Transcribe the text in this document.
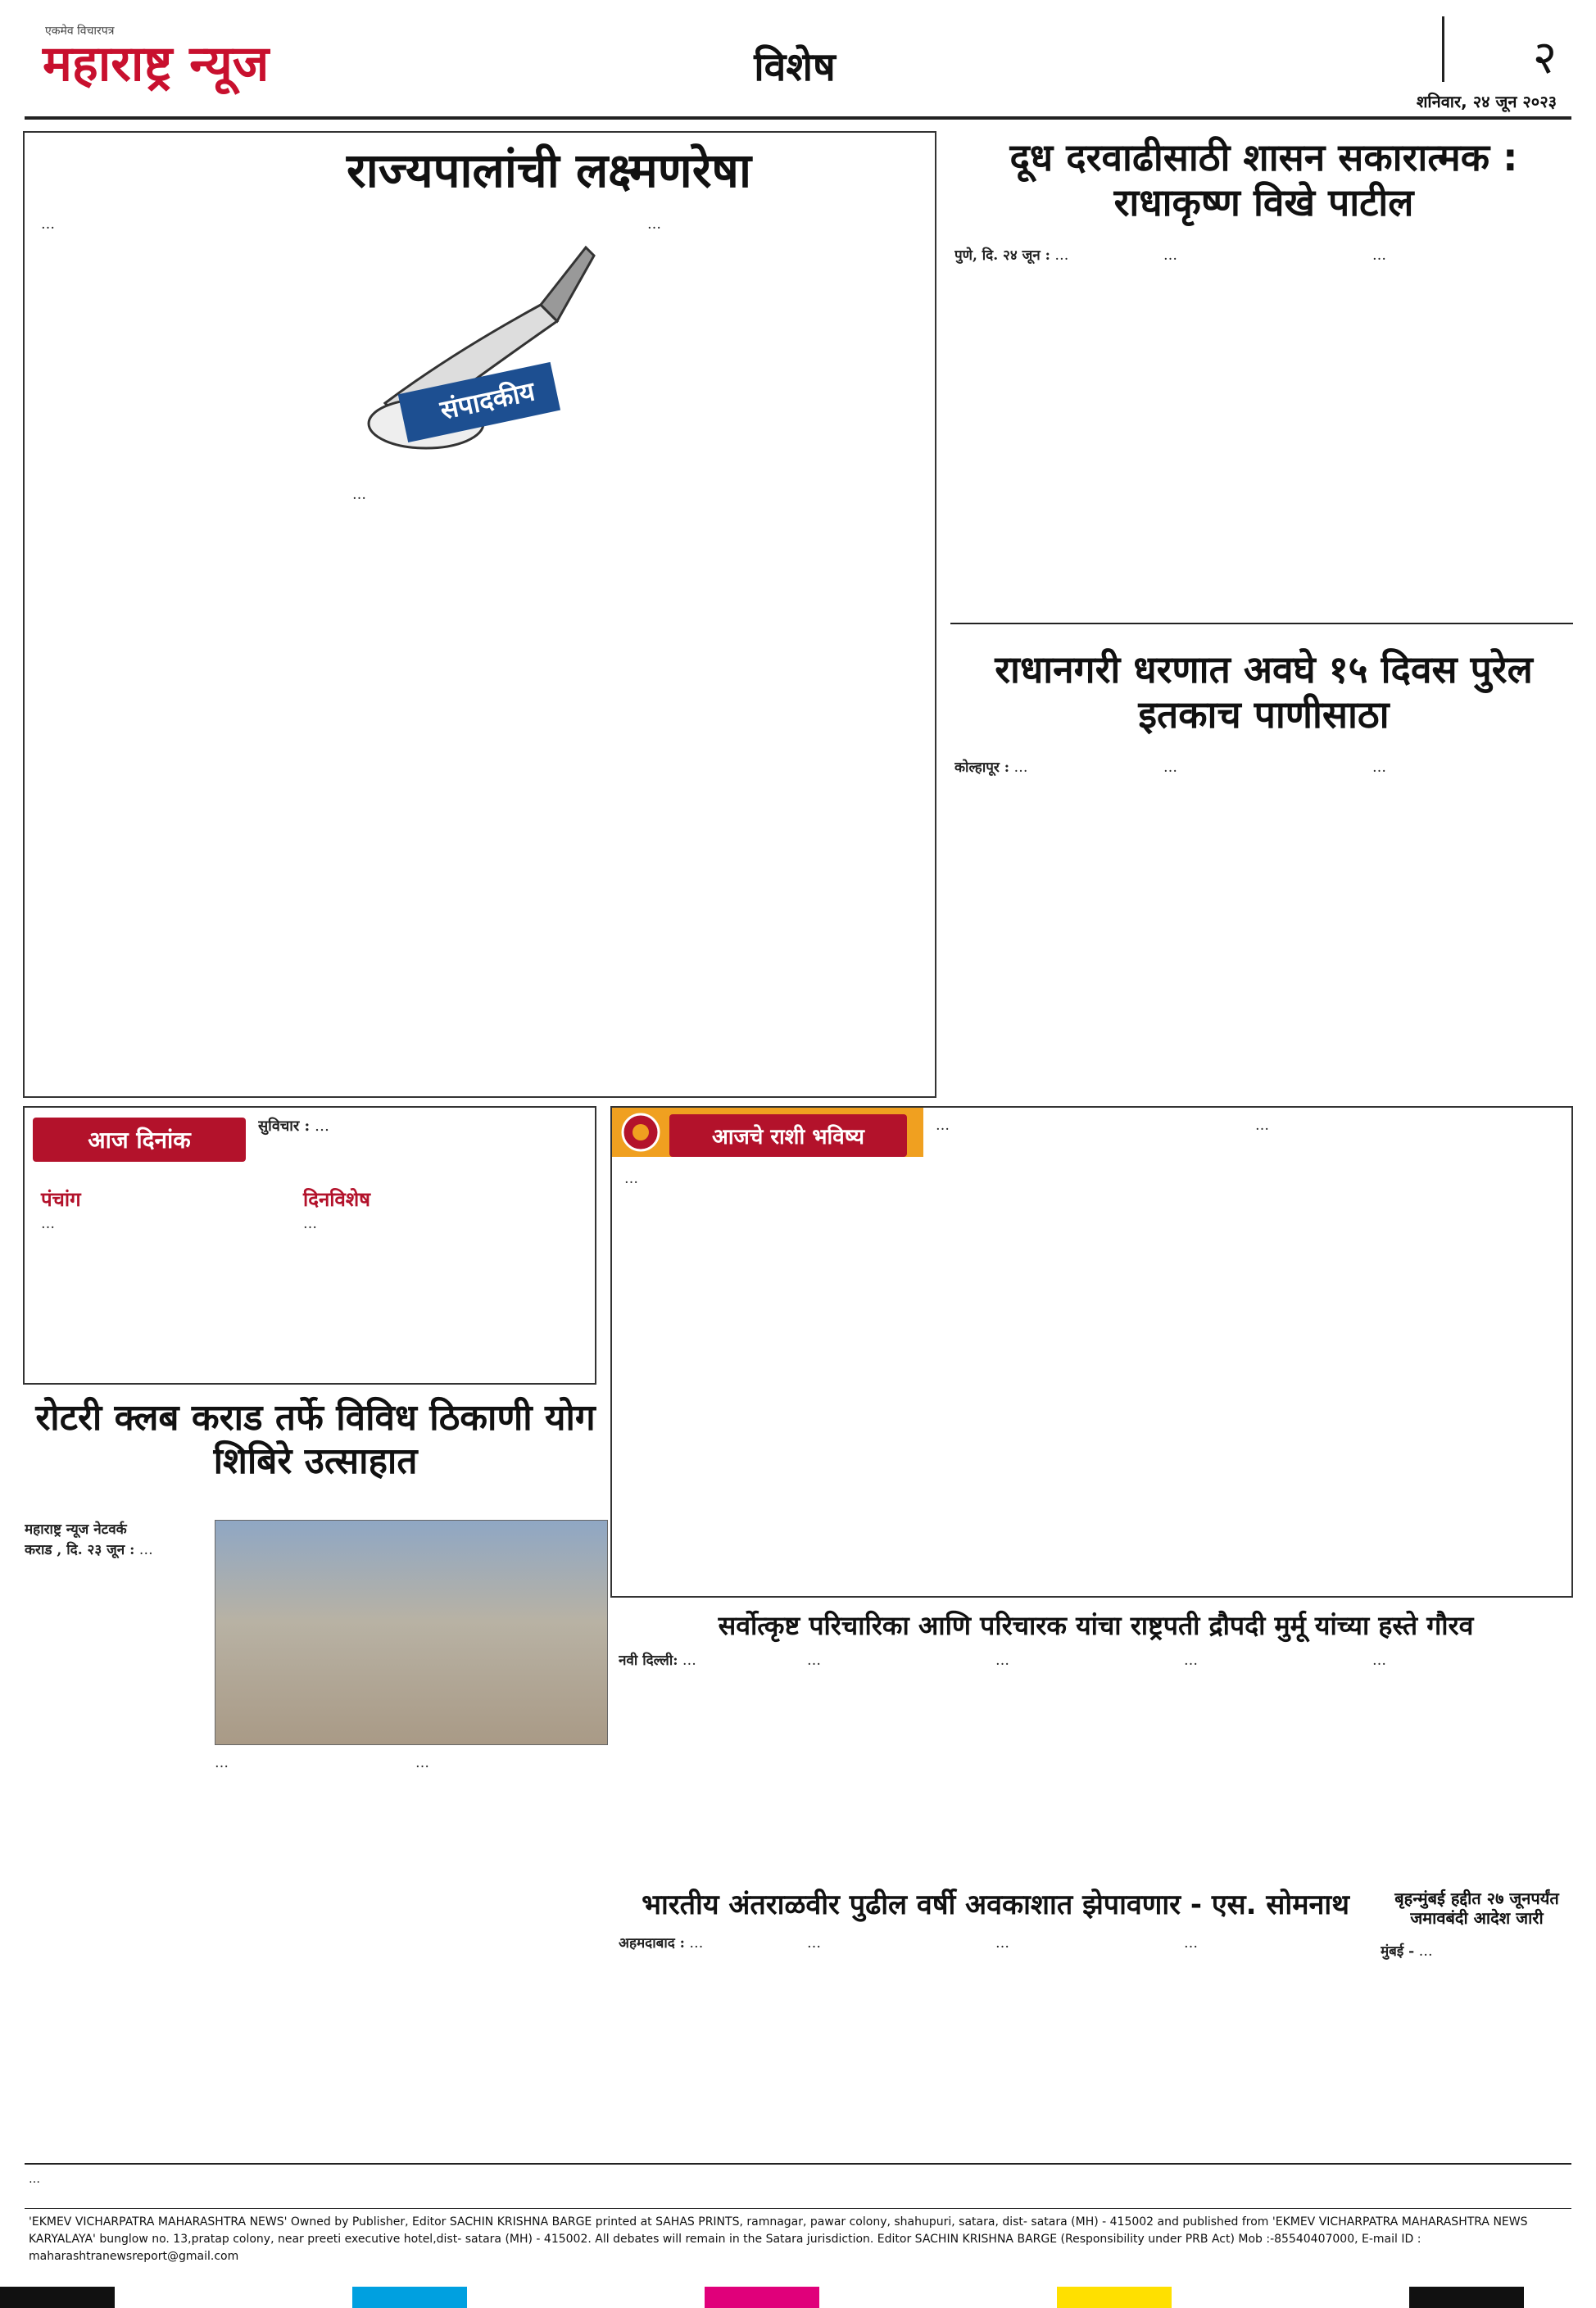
एकमेव विचारपत्र
महाराष्ट्र न्यूज	विशेष	२
शनिवार, २४ जून २०२३
राज्यपालांची लक्ष्मणरेषा
संपादकीय
…
…
…
दूध दरवाढीसाठी शासन सकारात्मक : राधाकृष्ण विखे पाटील
पुणे, दि. २४ जून : …	…	…
राधानगरी धरणात अवघे १५ दिवस पुरेल इतकाच पाणीसाठा
कोल्हापूर : …	…	…
आज दिनांक
सुविचार : …
पंचांग
…
दिनविशेष
…
आजचे राशी भविष्य
…
…	…
रोटरी क्लब कराड तर्फे विविध ठिकाणी योग शिबिरे उत्साहात
महाराष्ट्र न्यूज नेटवर्क
कराड , दि. २३ जून : …
…	…
सर्वोत्कृष्ट परिचारिका आणि परिचारक यांचा राष्ट्रपती द्रौपदी मुर्मू यांच्या हस्ते गौरव
नवी दिल्ली: …	…	…	…	…
भारतीय अंतराळवीर पुढील वर्षी अवकाशात झेपावणार - एस. सोमनाथ
अहमदाबाद : …	…	…	…
बृहन्मुंबई हद्दीत २७ जूनपर्यंत जमावबंदी आदेश जारी
मुंबई - …
…
'EKMEV VICHARPATRA MAHARASHTRA NEWS' Owned by Publisher, Editor SACHIN KRISHNA BARGE printed at SAHAS PRINTS, ramnagar, pawar colony, shahupuri, satara, dist- satara (MH) - 415002 and published from 'EKMEV VICHARPATRA MAHARASHTRA NEWS KARYALAYA' bunglow no. 13,pratap colony, near preeti executive hotel,dist- satara (MH) - 415002. All debates will remain in the Satara jurisdiction. Editor SACHIN KRISHNA BARGE (Responsibility under PRB Act) Mob :-85540407000, E-mail ID : maharashtranewsreport@gmail.com
